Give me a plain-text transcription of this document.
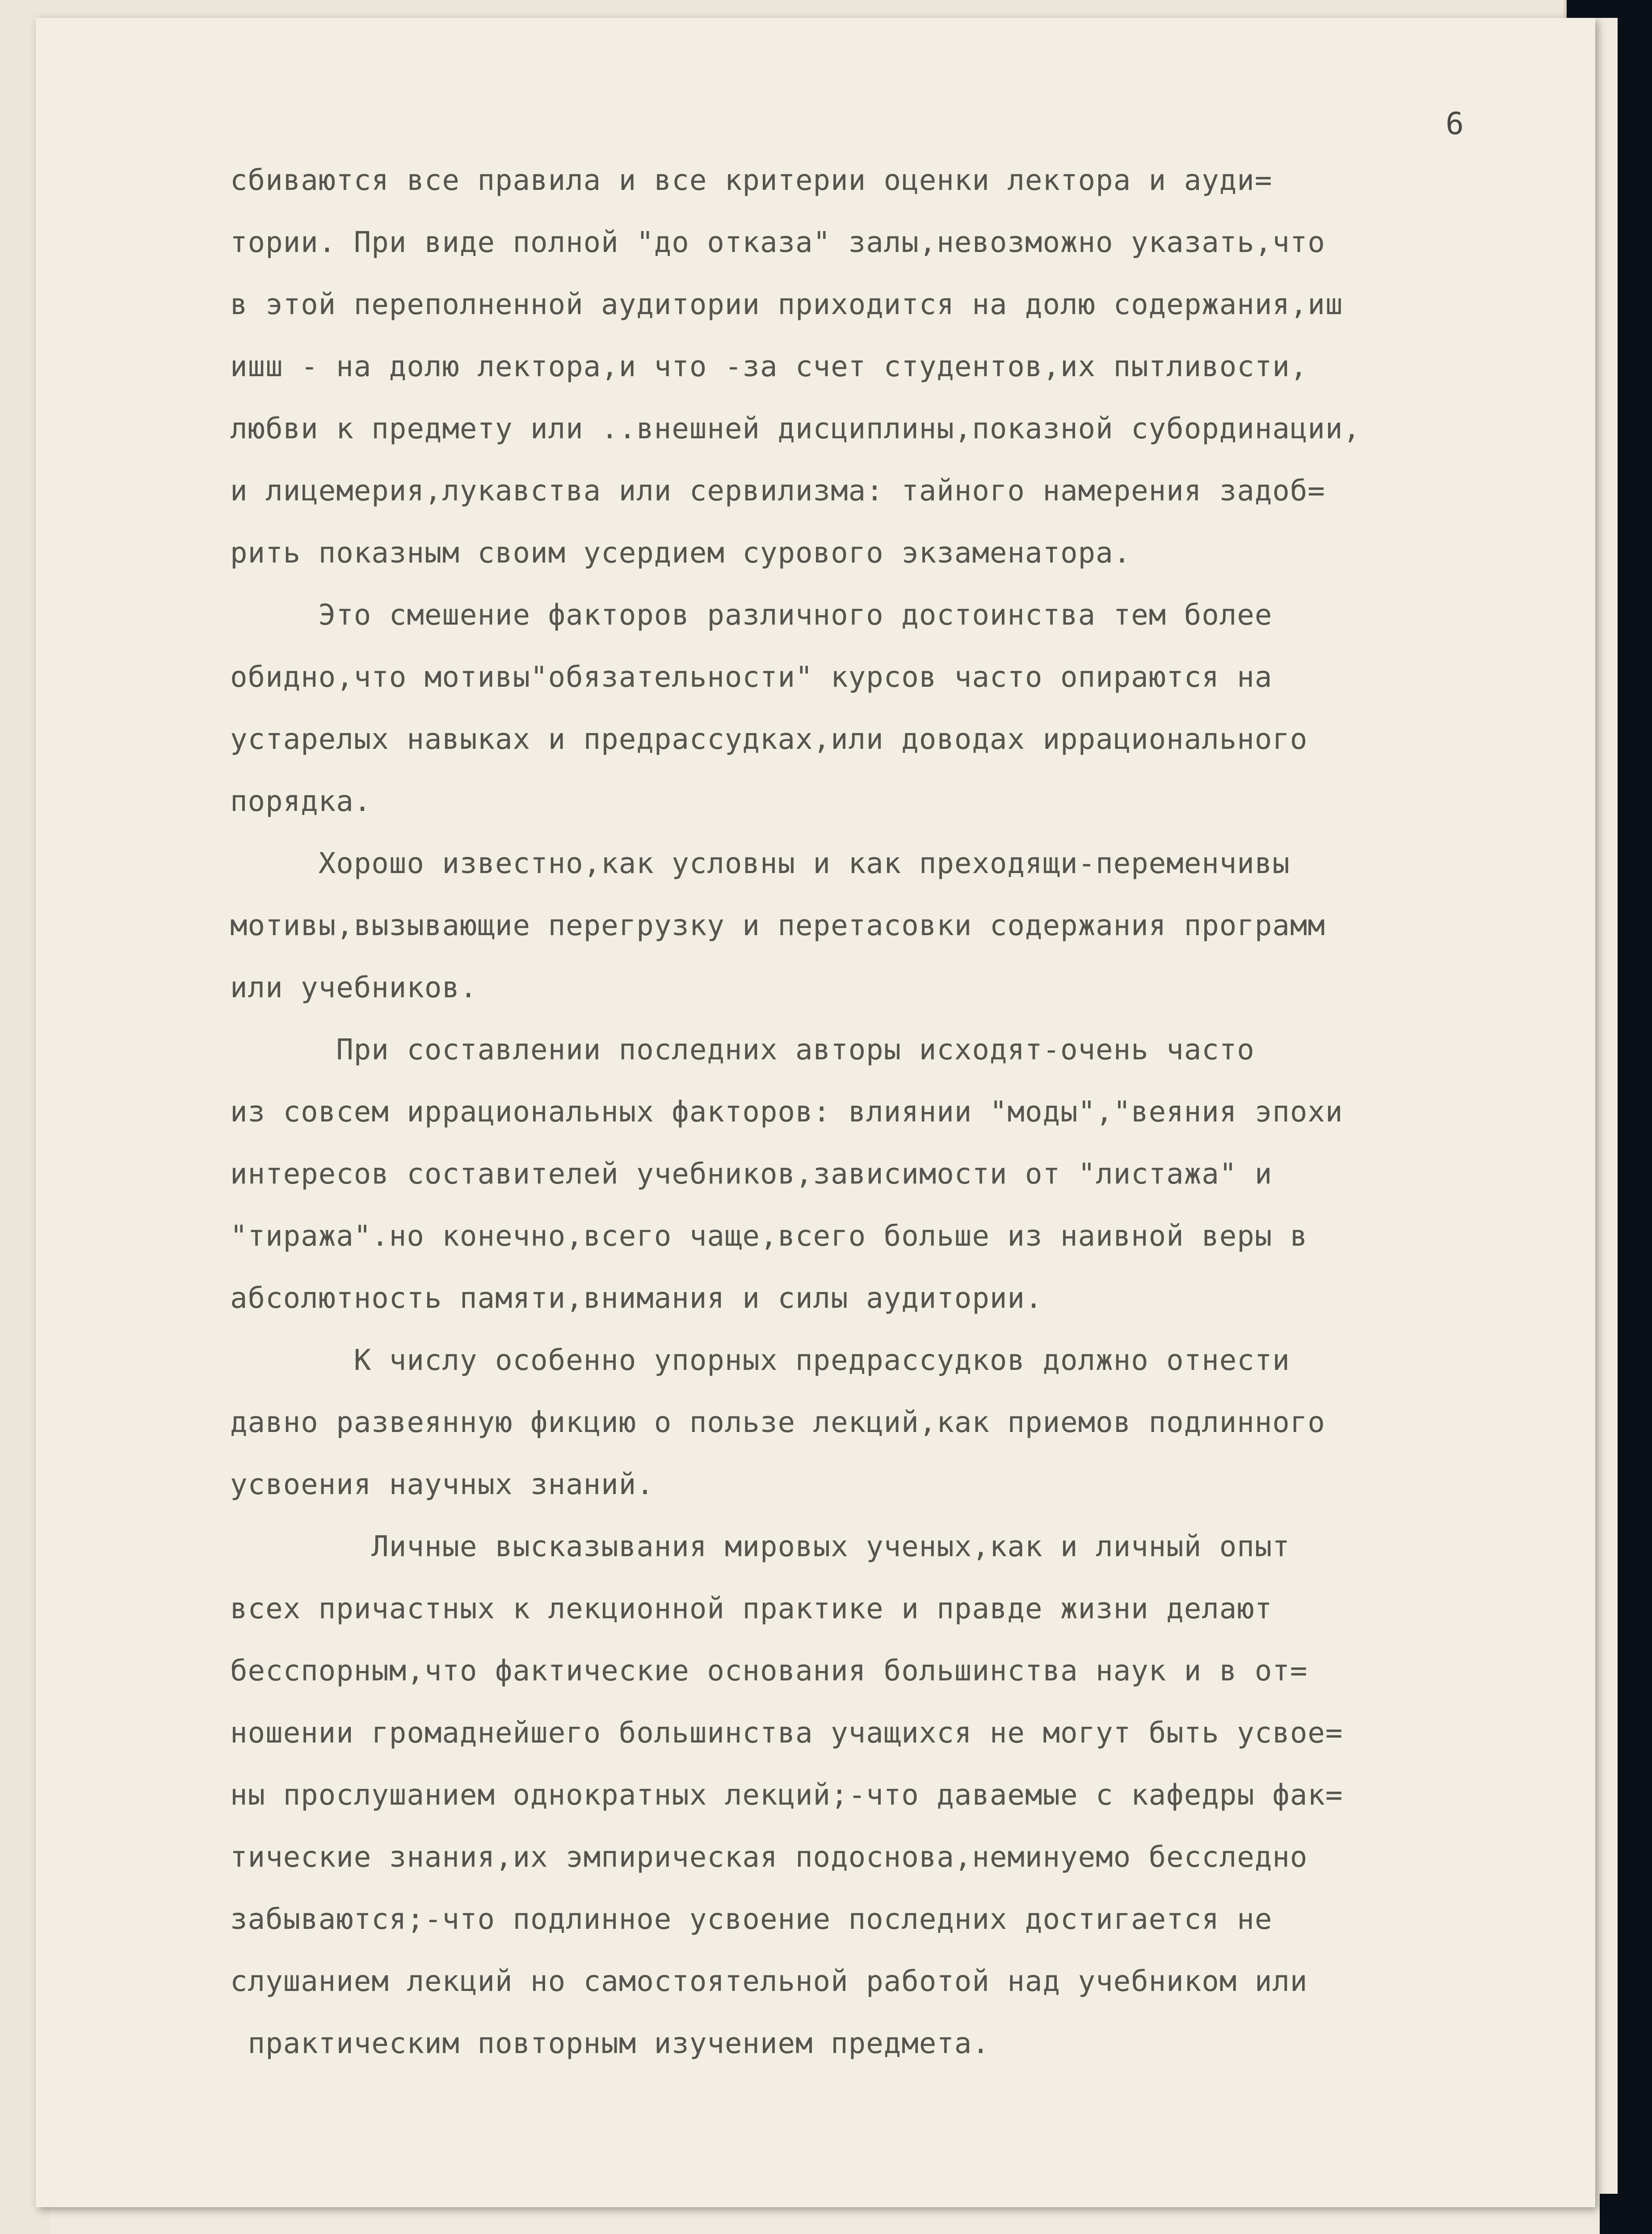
6
сбиваются все правила и все критерии оценки лектора и ауди=
тории. При виде полной "до отказа" залы,невозможно указать,что
в этой переполненной аудитории приходится на долю содержания,иш
ишш - на долю лектора,и что -за счет студентов,их пытливости,
любви к предмету или ..внешней дисциплины,показной субординации,
и лицемерия,лукавства или сервилизма: тайного намерения задоб=
рить показным своим усердием сурового экзаменатора.
Это смешение факторов различного достоинства тем более
обидно,что мотивы"обязательности" курсов часто опираются на
устарелых навыках и предрассудках,или доводах иррационального
порядка.
Хорошо известно,как условны и как преходящи-переменчивы
мотивы,вызывающие перегрузку и перетасовки содержания программ
или учебников.
При составлении последних авторы исходят-очень часто
из совсем иррациональных факторов: влиянии "моды","веяния эпохи
интересов составителей учебников,зависимости от "листажа" и
"тиража".но конечно,всего чаще,всего больше из наивной веры в
абсолютность памяти,внимания и силы аудитории.
К числу особенно упорных предрассудков должно отнести
давно развеянную фикцию о пользе лекций,как приемов подлинного
усвоения научных знаний.
Личные высказывания мировых ученых,как и личный опыт
всех причастных к лекционной практике и правде жизни делают
бесспорным,что фактические основания большинства наук и в от=
ношении громаднейшего большинства учащихся не могут быть усвое=
ны прослушанием однократных лекций;-что даваемые с кафедры фак=
тические знания,их эмпирическая подоснова,неминуемо бесследно
забываются;-что подлинное усвоение последних достигается не
слушанием лекций но самостоятельной работой над учебником или
практическим повторным изучением предмета.
